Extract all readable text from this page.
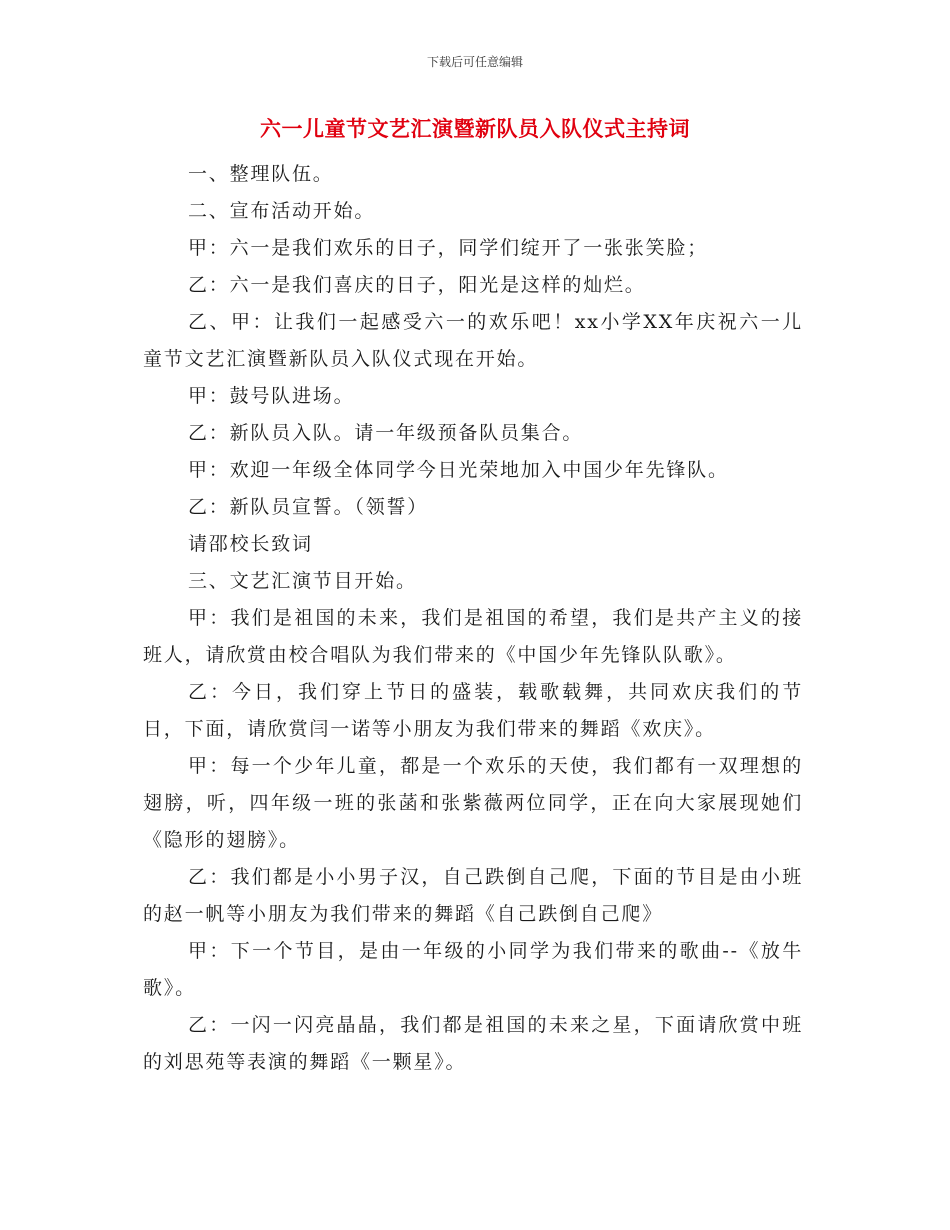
下载后可任意编辑
六一儿童节文艺汇演暨新队员入队仪式主持词

一、整理队伍。

二、宣布活动开始。

甲：六一是我们欢乐的日子，同学们绽开了一张张笑脸；

乙：六一是我们喜庆的日子，阳光是这样的灿烂。

乙、甲：让我们一起感受六一的欢乐吧！xx小学XX年庆祝六一儿童节文艺汇演暨新队员入队仪式现在开始。

甲：鼓号队进场。

乙：新队员入队。请一年级预备队员集合。

甲：欢迎一年级全体同学今日光荣地加入中国少年先锋队。

乙：新队员宣誓。（领誓）

请邵校长致词

三、文艺汇演节目开始。

甲：我们是祖国的未来，我们是祖国的希望，我们是共产主义的接班人，请欣赏由校合唱队为我们带来的《中国少年先锋队队歌》。

乙：今日，我们穿上节日的盛装，载歌载舞，共同欢庆我们的节日，下面，请欣赏闫一诺等小朋友为我们带来的舞蹈《欢庆》。

甲：每一个少年儿童，都是一个欢乐的天使，我们都有一双理想的翅膀，听，四年级一班的张菡和张紫薇两位同学，正在向大家展现她们《隐形的翅膀》。

乙：我们都是小小男子汉，自己跌倒自己爬，下面的节目是由小班的赵一帆等小朋友为我们带来的舞蹈《自己跌倒自己爬》

甲：下一个节目，是由一年级的小同学为我们带来的歌曲--《放牛歌》。

乙：一闪一闪亮晶晶，我们都是祖国的未来之星，下面请欣赏中班的刘思苑等表演的舞蹈《一颗星》。
